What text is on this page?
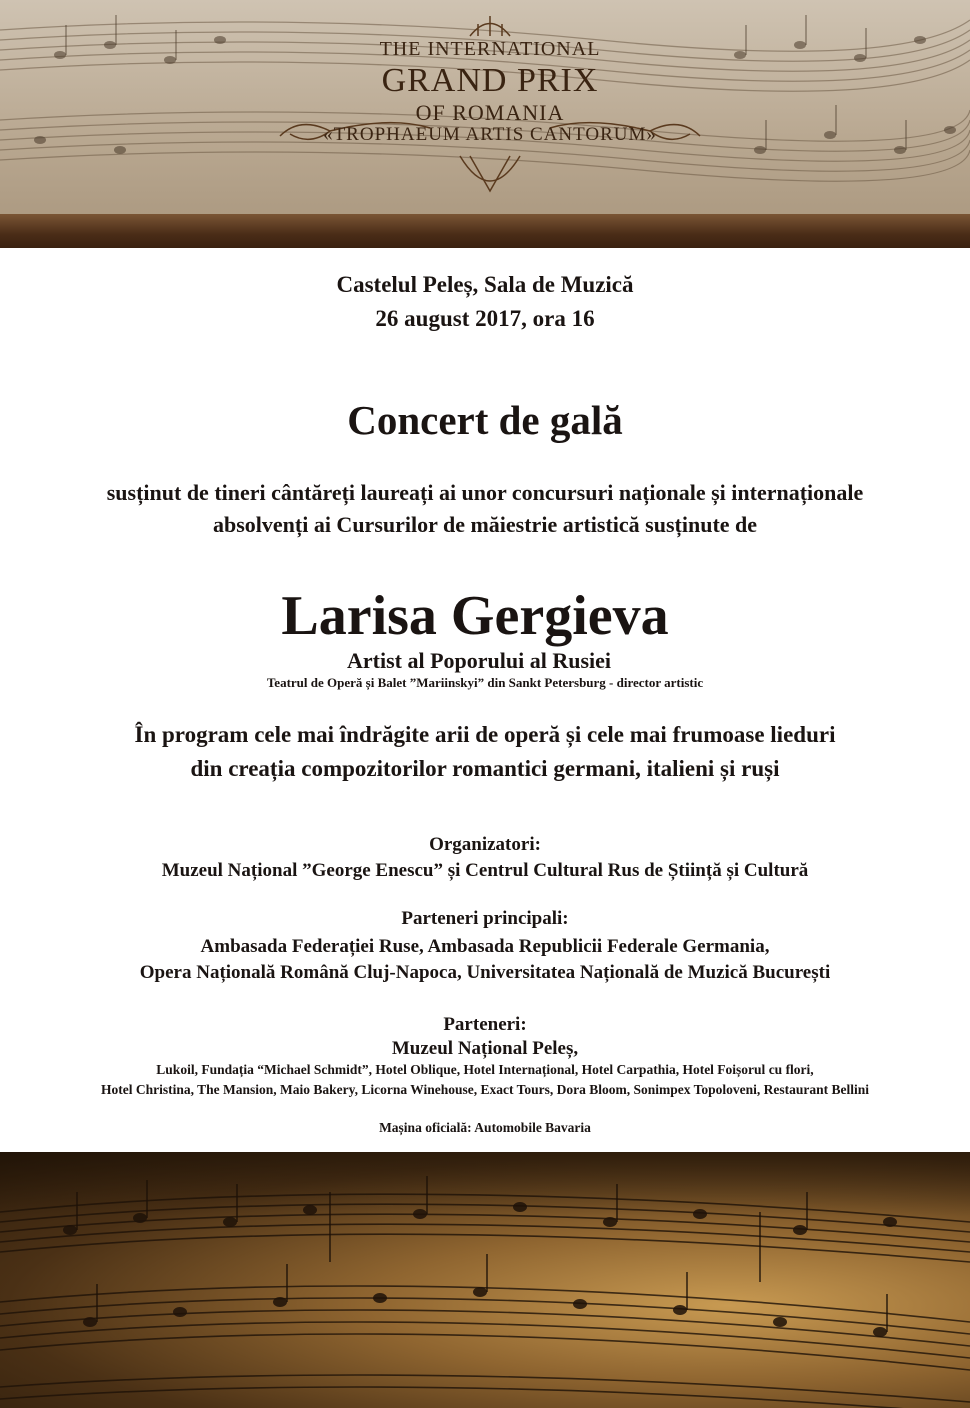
THE INTERNATIONAL
GRAND PRIX
OF ROMANIA
«TROPHAEUM ARTIS CANTORUM»
Castelul Peleș, Sala de Muzică
26 august 2017, ora 16
Concert de gală
susținut de tineri cântăreți laureați ai unor concursuri naționale și internaționale
absolvenți ai Cursurilor de măiestrie artistică susținute de
Larisa Gergieva
Artist al Poporului al Rusiei
Teatrul de Operă și Balet ”Mariinskyi” din Sankt Petersburg - director artistic
În program cele mai îndrăgite arii de operă și cele mai frumoase lieduri
din creația compozitorilor romantici germani, italieni și ruși
Organizatori:
Muzeul Național ”George Enescu” și Centrul Cultural Rus de Știință și Cultură
Parteneri principali:
Ambasada Federației Ruse, Ambasada Republicii Federale Germania,
Opera Națională Română Cluj-Napoca, Universitatea Națională de Muzică București
Parteneri:
Muzeul Național Peleș,
Lukoil, Fundația “Michael Schmidt”, Hotel Oblique, Hotel Internațional, Hotel Carpathia, Hotel Foișorul cu flori,
Hotel Christina, The Mansion, Maio Bakery, Licorna Winehouse, Exact Tours, Dora Bloom, Sonimpex Topoloveni, Restaurant Bellini
Mașina oficială: Automobile Bavaria
